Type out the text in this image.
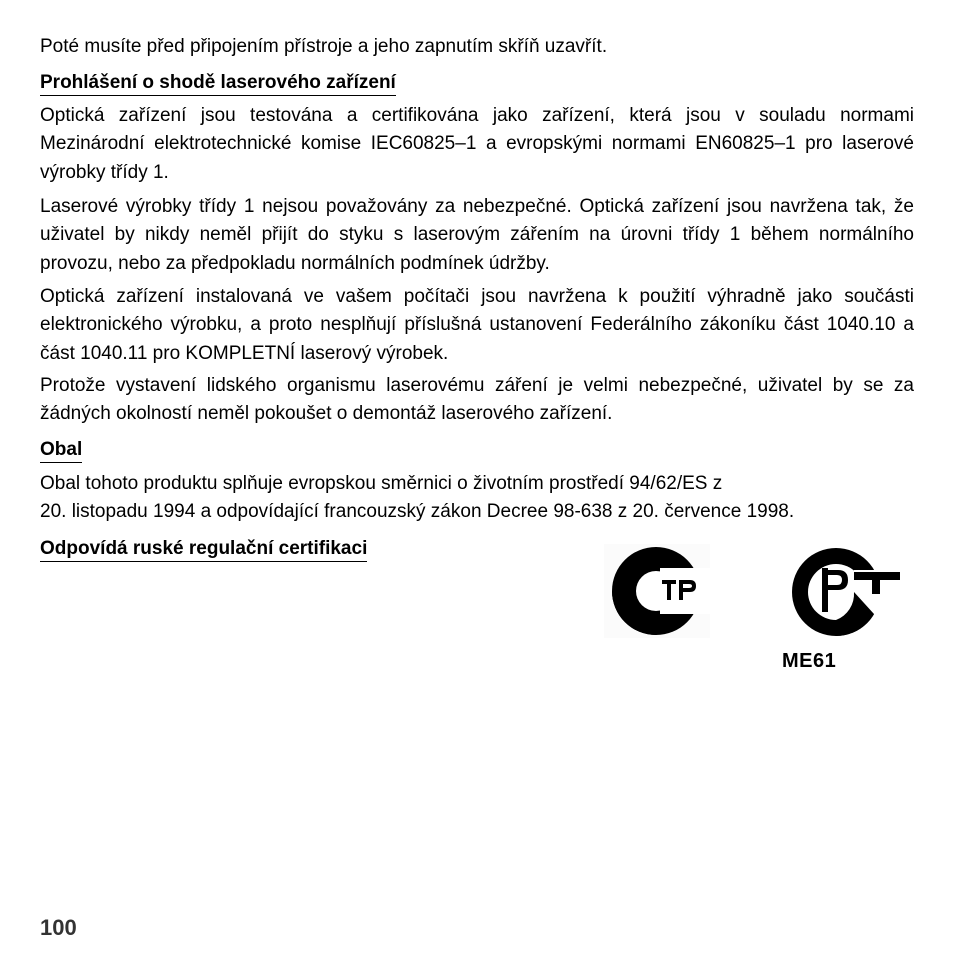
Poté musíte před připojením přístroje a jeho zapnutím skříň uzavřít.

Prohlášení o shodě laserového zařízení

Optická zařízení jsou testována a certifikována jako zařízení, která jsou v souladu normami Mezinárodní elektrotechnické komise IEC60825–1 a evropskými normami EN60825–1 pro laserové výrobky třídy 1.

Laserové výrobky třídy 1 nejsou považovány za nebezpečné. Optická zařízení jsou navržena tak, že uživatel by nikdy neměl přijít do styku s laserovým zářením na úrovni třídy 1 během normálního provozu, nebo za předpokladu normálních podmínek údržby.

Optická zařízení instalovaná ve vašem počítači jsou navržena k použití výhradně jako součásti elektronického výrobku, a proto nesplňují příslušná ustanovení Federálního zákoníku část 1040.10 a část 1040.11 pro KOMPLETNÍ laserový výrobek.

Protože vystavení lidského organismu laserovému záření je velmi nebezpečné, uživatel by se za žádných okolností neměl pokoušet o demontáž laserového zařízení.

Obal

Obal tohoto produktu splňuje evropskou směrnici o životním prostředí 94/62/ES z

20. listopadu 1994 a odpovídající francouzský zákon Decree 98-638 z 20. července 1998.

Odpovídá ruské regulační certifikaci	PCT
ME61
100
